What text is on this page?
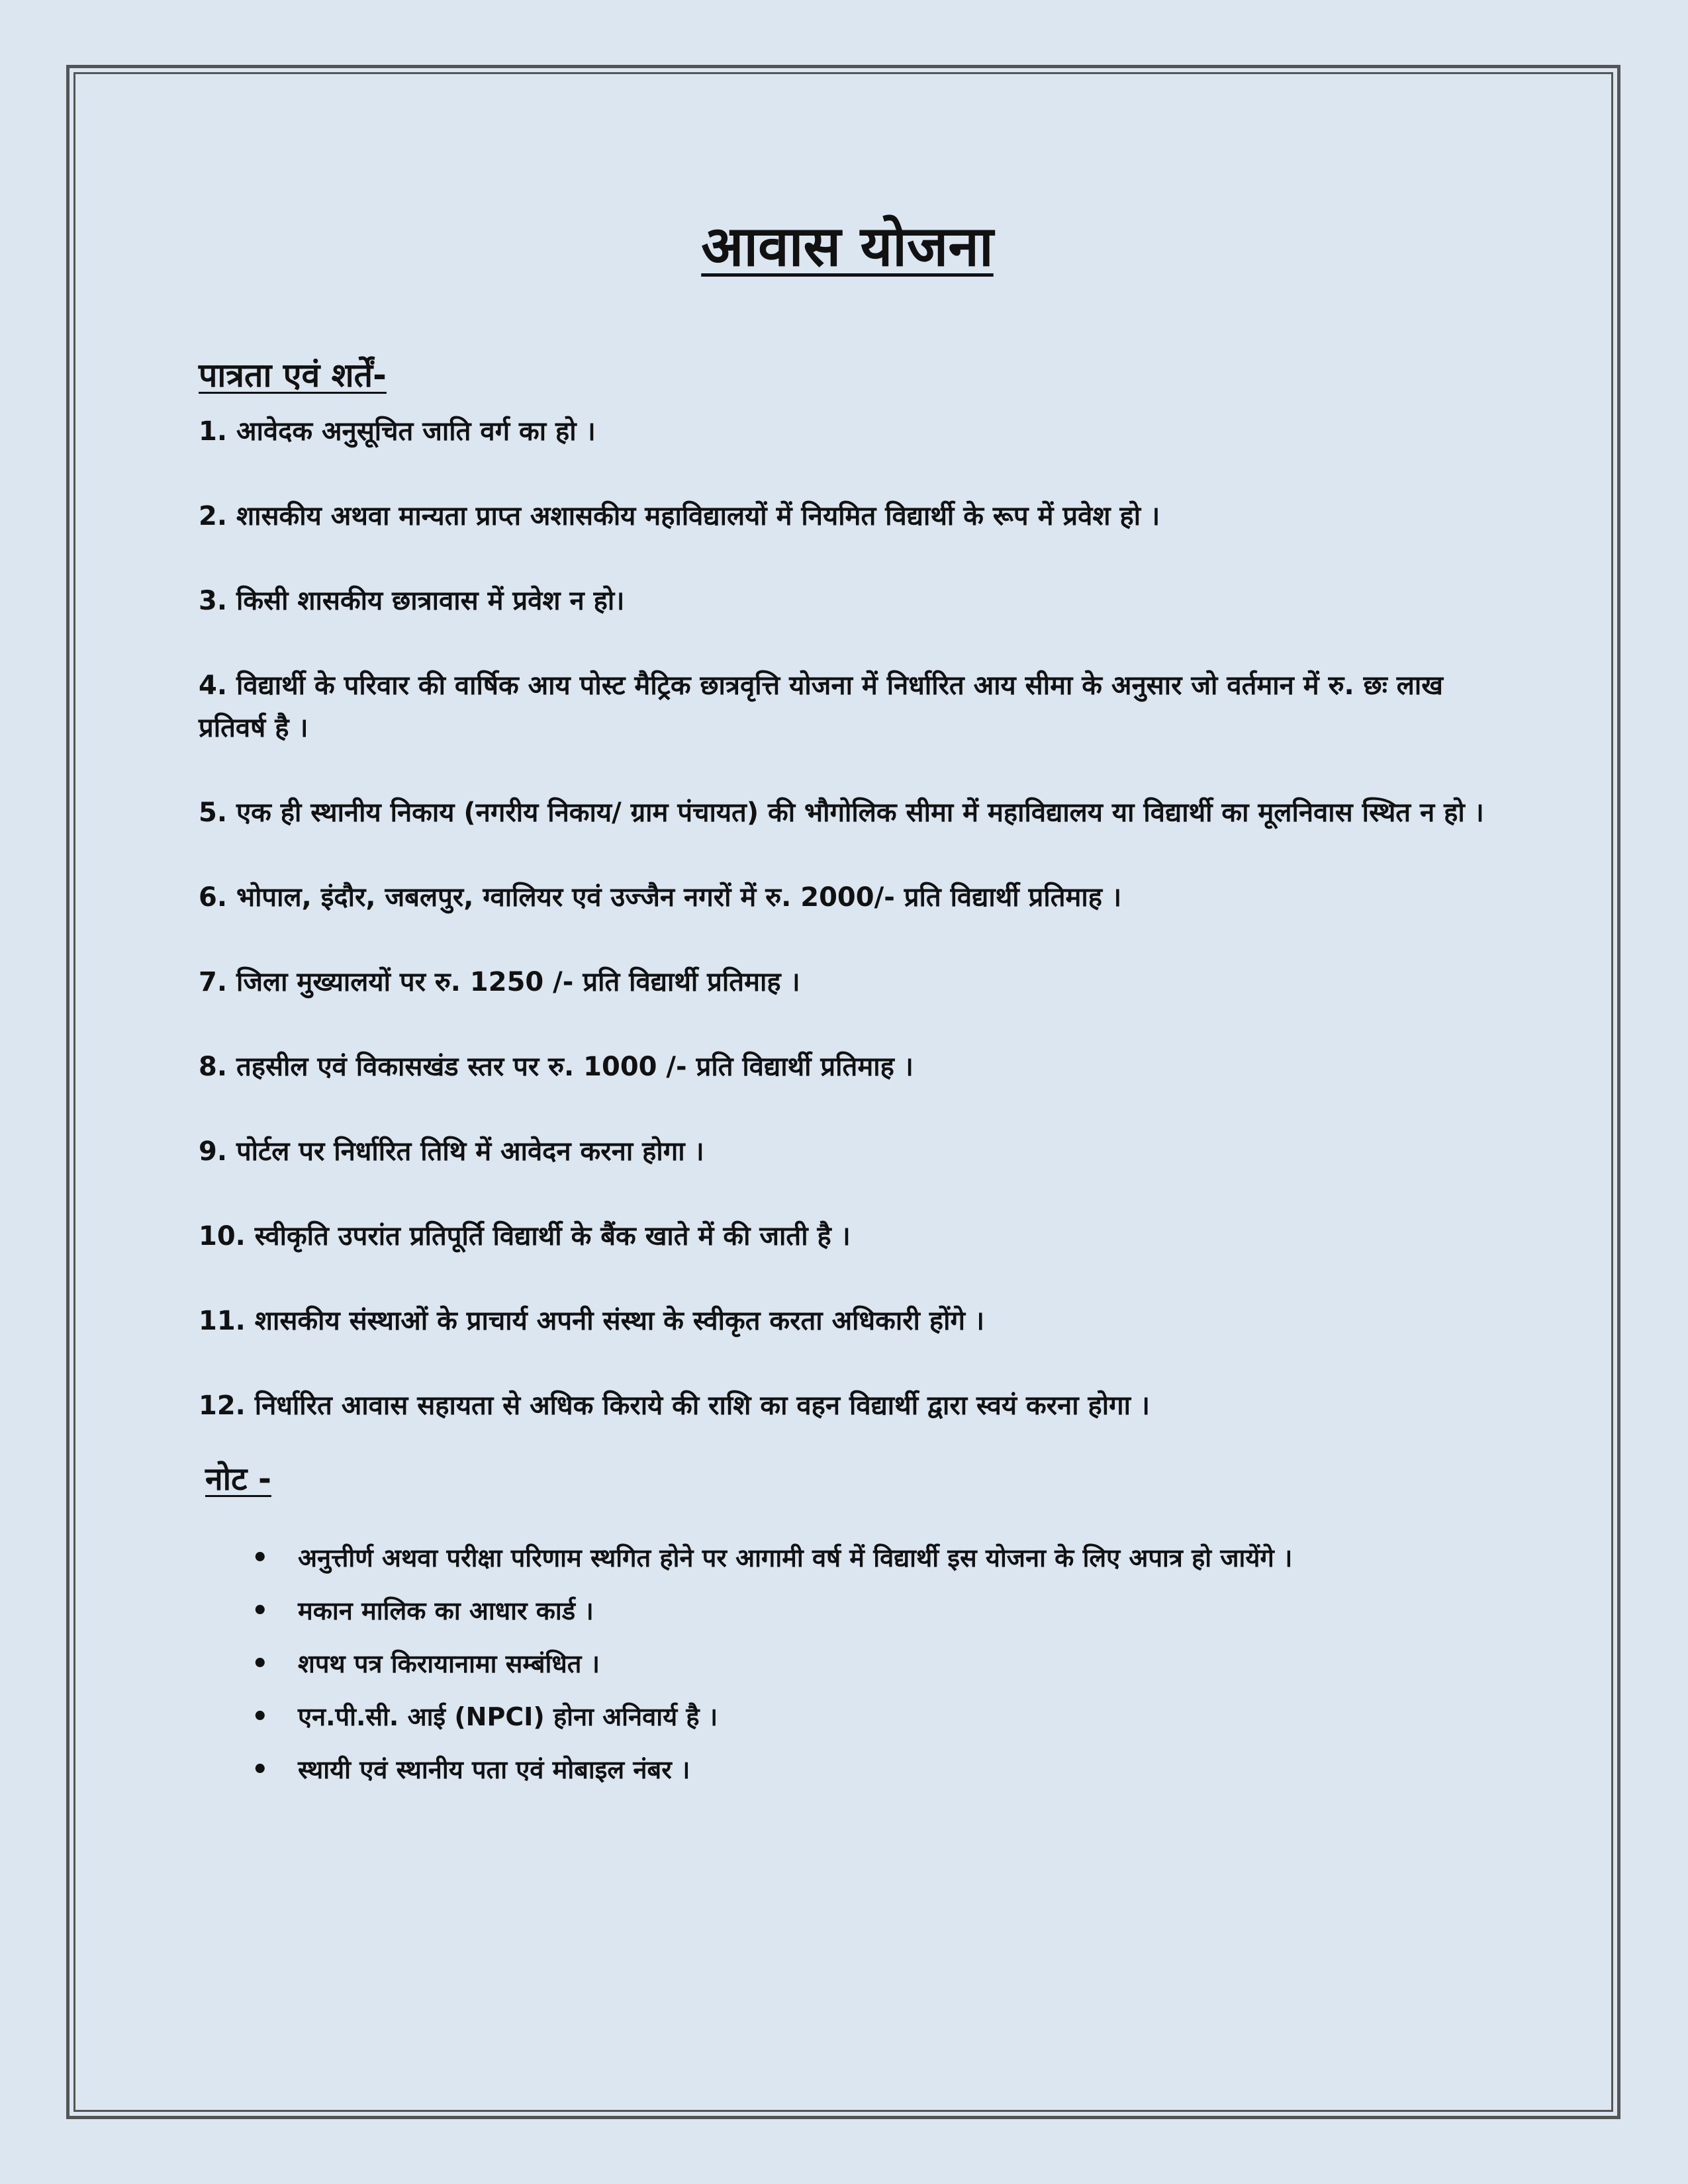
आवास योजना
पात्रता एवं शर्तें-
1. आवेदक अनुसूचित जाति वर्ग का हो ।
2. शासकीय अथवा मान्यता प्राप्त अशासकीय महाविद्यालयों में नियमित विद्यार्थी के रूप में प्रवेश हो ।
3. किसी शासकीय छात्रावास में प्रवेश न हो।
4. विद्यार्थी के परिवार की वार्षिक आय पोस्ट मैट्रिक छात्रवृत्ति योजना में निर्धारित आय सीमा के अनुसार जो वर्तमान में रु. छः लाख प्रतिवर्ष है ।
5. एक ही स्थानीय निकाय (नगरीय निकाय/ ग्राम पंचायत) की भौगोलिक सीमा में महाविद्यालय या विद्यार्थी का मूलनिवास स्थित न हो ।
6. भोपाल, इंदौर, जबलपुर, ग्वालियर एवं उज्जैन नगरों में रु. 2000/- प्रति विद्यार्थी प्रतिमाह ।
7. जिला मुख्यालयों पर रु. 1250 /- प्रति विद्यार्थी प्रतिमाह ।
8. तहसील एवं विकासखंड स्तर पर रु. 1000 /- प्रति विद्यार्थी प्रतिमाह ।
9. पोर्टल पर निर्धारित तिथि में आवेदन करना होगा ।
10. स्वीकृति उपरांत प्रतिपूर्ति विद्यार्थी के बैंक खाते में की जाती है ।
11. शासकीय संस्थाओं के प्राचार्य अपनी संस्था के स्वीकृत करता अधिकारी होंगे ।
12. निर्धारित आवास सहायता से अधिक किराये की राशि का वहन विद्यार्थी द्वारा स्वयं करना होगा ।
नोट -
• अनुत्तीर्ण अथवा परीक्षा परिणाम स्थगित होने पर आगामी वर्ष में विद्यार्थी इस योजना के लिए अपात्र हो जायेंगे ।
• मकान मालिक का आधार कार्ड ।
• शपथ पत्र किरायानामा सम्बंधित ।
• एन.पी.सी. आई (NPCI) होना अनिवार्य है ।
• स्थायी एवं स्थानीय पता एवं मोबाइल नंबर ।
